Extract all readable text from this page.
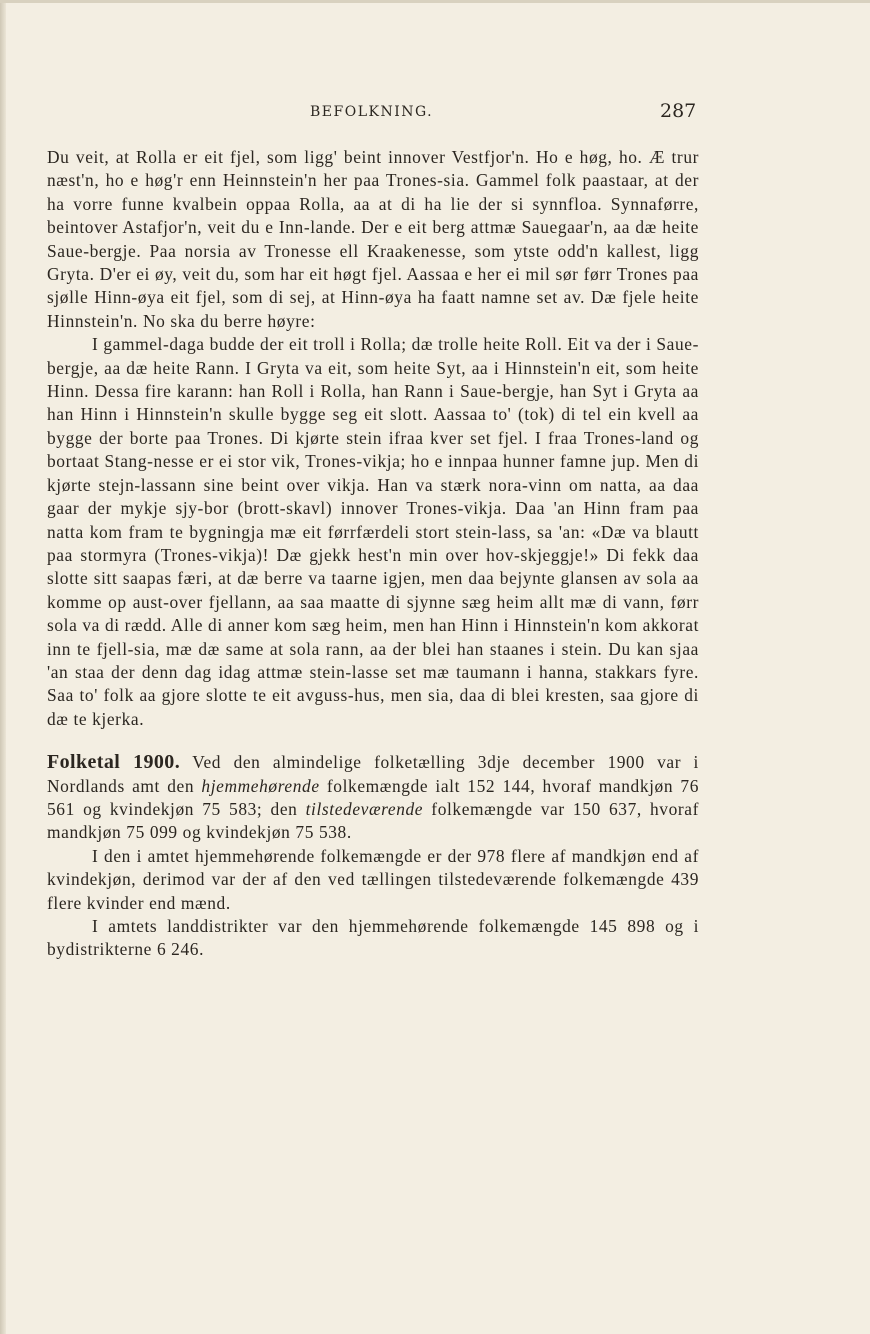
BEFOLKNING.	287

Du veit, at Rolla er eit fjel, som ligg' beint innover Vestfjor'n. Ho e høg, ho. Æ trur næst'n, ho e høg'r enn Heinnstein'n her paa Trones-sia. Gammel folk paastaar, at der ha vorre funne kvalbein oppaa Rolla, aa at di ha lie der si synnfloa. Synnaførre, beintover Astafjor'n, veit du e Inn-lande. Der e eit berg attmæ Sauegaar'n, aa dæ heite Saue-bergje. Paa norsia av Tronesse ell Kraakenesse, som ytste odd'n kallest, ligg Gryta. D'er ei øy, veit du, som har eit høgt fjel. Aassaa e her ei mil sør førr Trones paa sjølle Hinn-øya eit fjel, som di sej, at Hinn-øya ha faatt namne set av. Dæ fjele heite Hinnstein'n. No ska du berre høyre:

I gammel-daga budde der eit troll i Rolla; dæ trolle heite Roll. Eit va der i Saue-bergje, aa dæ heite Rann. I Gryta va eit, som heite Syt, aa i Hinnstein'n eit, som heite Hinn. Dessa fire karann: han Roll i Rolla, han Rann i Saue-bergje, han Syt i Gryta aa han Hinn i Hinnstein'n skulle bygge seg eit slott. Aassaa to' (tok) di tel ein kvell aa bygge der borte paa Trones. Di kjørte stein ifraa kver set fjel. I fraa Trones-land og bortaat Stang-nesse er ei stor vik, Trones-vikja; ho e innpaa hunner famne jup. Men di kjørte stejn-lassann sine beint over vikja. Han va stærk nora-vinn om natta, aa daa gaar der mykje sjy-bor (brott-skavl) innover Trones-vikja. Daa 'an Hinn fram paa natta kom fram te bygningja mæ eit førrfærdeli stort stein-lass, sa 'an: «Dæ va blautt paa stormyra (Trones-vikja)! Dæ gjekk hest'n min over hov-skjeggje!» Di fekk daa slotte sitt saapas færi, at dæ berre va taarne igjen, men daa bejynte glansen av sola aa komme op aust-over fjellann, aa saa maatte di sjynne sæg heim allt mæ di vann, førr sola va di rædd. Alle di anner kom sæg heim, men han Hinn i Hinnstein'n kom akkorat inn te fjell-sia, mæ dæ same at sola rann, aa der blei han staanes i stein. Du kan sjaa 'an staa der denn dag idag attmæ stein-lasse set mæ taumann i hanna, stakkars fyre. Saa to' folk aa gjore slotte te eit avguss-hus, men sia, daa di blei kresten, saa gjore di dæ te kjerka.

Folketal 1900. Ved den almindelige folketælling 3dje december 1900 var i Nordlands amt den hjemmehørende folkemængde ialt 152 144, hvoraf mandkjøn 76 561 og kvindekjøn 75 583; den tilstedeværende folkemængde var 150 637, hvoraf mandkjøn 75 099 og kvindekjøn 75 538.

I den i amtet hjemmehørende folkemængde er der 978 flere af mandkjøn end af kvindekjøn, derimod var der af den ved tællingen tilstedeværende folkemængde 439 flere kvinder end mænd.

I amtets landdistrikter var den hjemmehørende folkemængde 145 898 og i bydistrikterne 6 246.
